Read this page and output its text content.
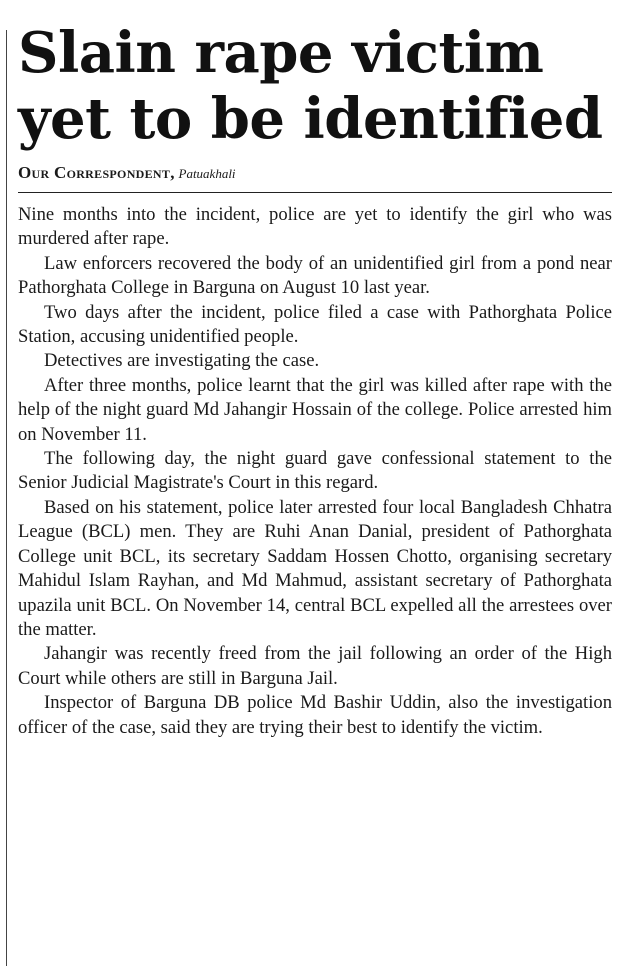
Slain rape victim yet to be identified
Our Correspondent, Patuakhali

Nine months into the incident, police are yet to identify the girl who was murdered after rape.

Law enforcers recovered the body of an unidentified girl from a pond near Pathorghata College in Barguna on August 10 last year.

Two days after the incident, police filed a case with Pathorghata Police Station, accusing unidentified people.

Detectives are investigating the case.

After three months, police learnt that the girl was killed after rape with the help of the night guard Md Jahangir Hossain of the college. Police arrested him on November 11.

The following day, the night guard gave confessional statement to the Senior Judicial Magistrate's Court in this regard.

Based on his statement, police later arrested four local Bangladesh Chhatra League (BCL) men. They are Ruhi Anan Danial, president of Pathorghata College unit BCL, its secretary Saddam Hossen Chotto, organising secretary Mahidul Islam Rayhan, and Md Mahmud, assistant secretary of Pathorghata upazila unit BCL. On November 14, central BCL expelled all the arrestees over the matter.

Jahangir was recently freed from the jail following an order of the High Court while others are still in Barguna Jail.

Inspector of Barguna DB police Md Bashir Uddin, also the investigation officer of the case, said they are trying their best to identify the victim.
